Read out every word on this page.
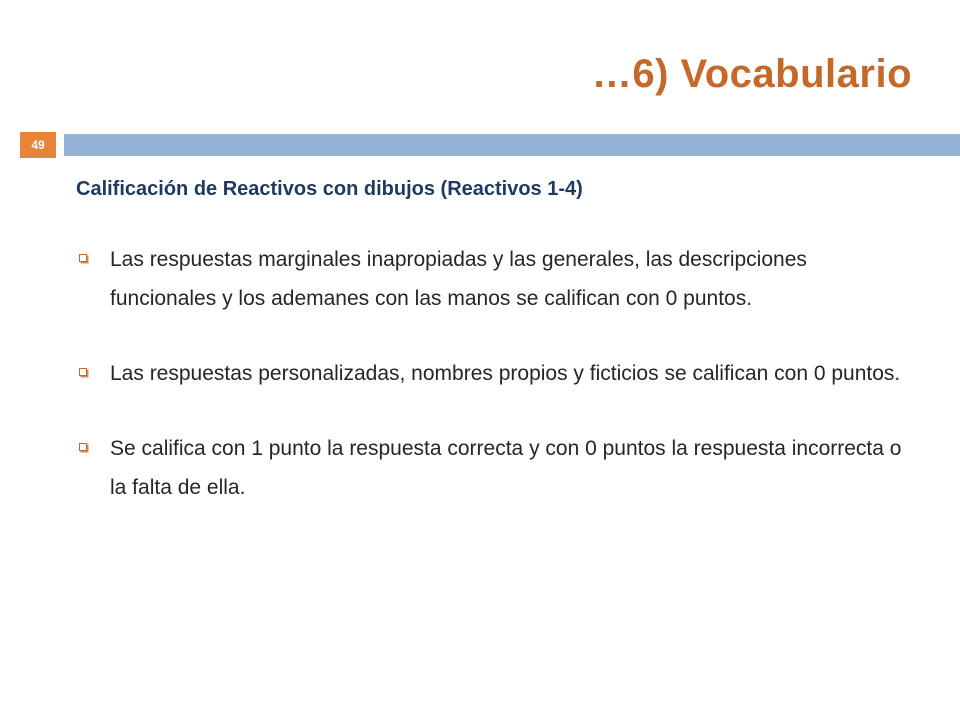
…6) Vocabulario
49
Calificación de Reactivos con dibujos (Reactivos 1-4)
Las respuestas marginales inapropiadas y las generales, las descripciones funcionales y los ademanes con las manos se califican con 0 puntos.
Las respuestas personalizadas, nombres propios y ficticios se califican con 0 puntos.
Se califica con 1 punto la respuesta correcta y con 0 puntos la respuesta incorrecta o la falta de ella.
